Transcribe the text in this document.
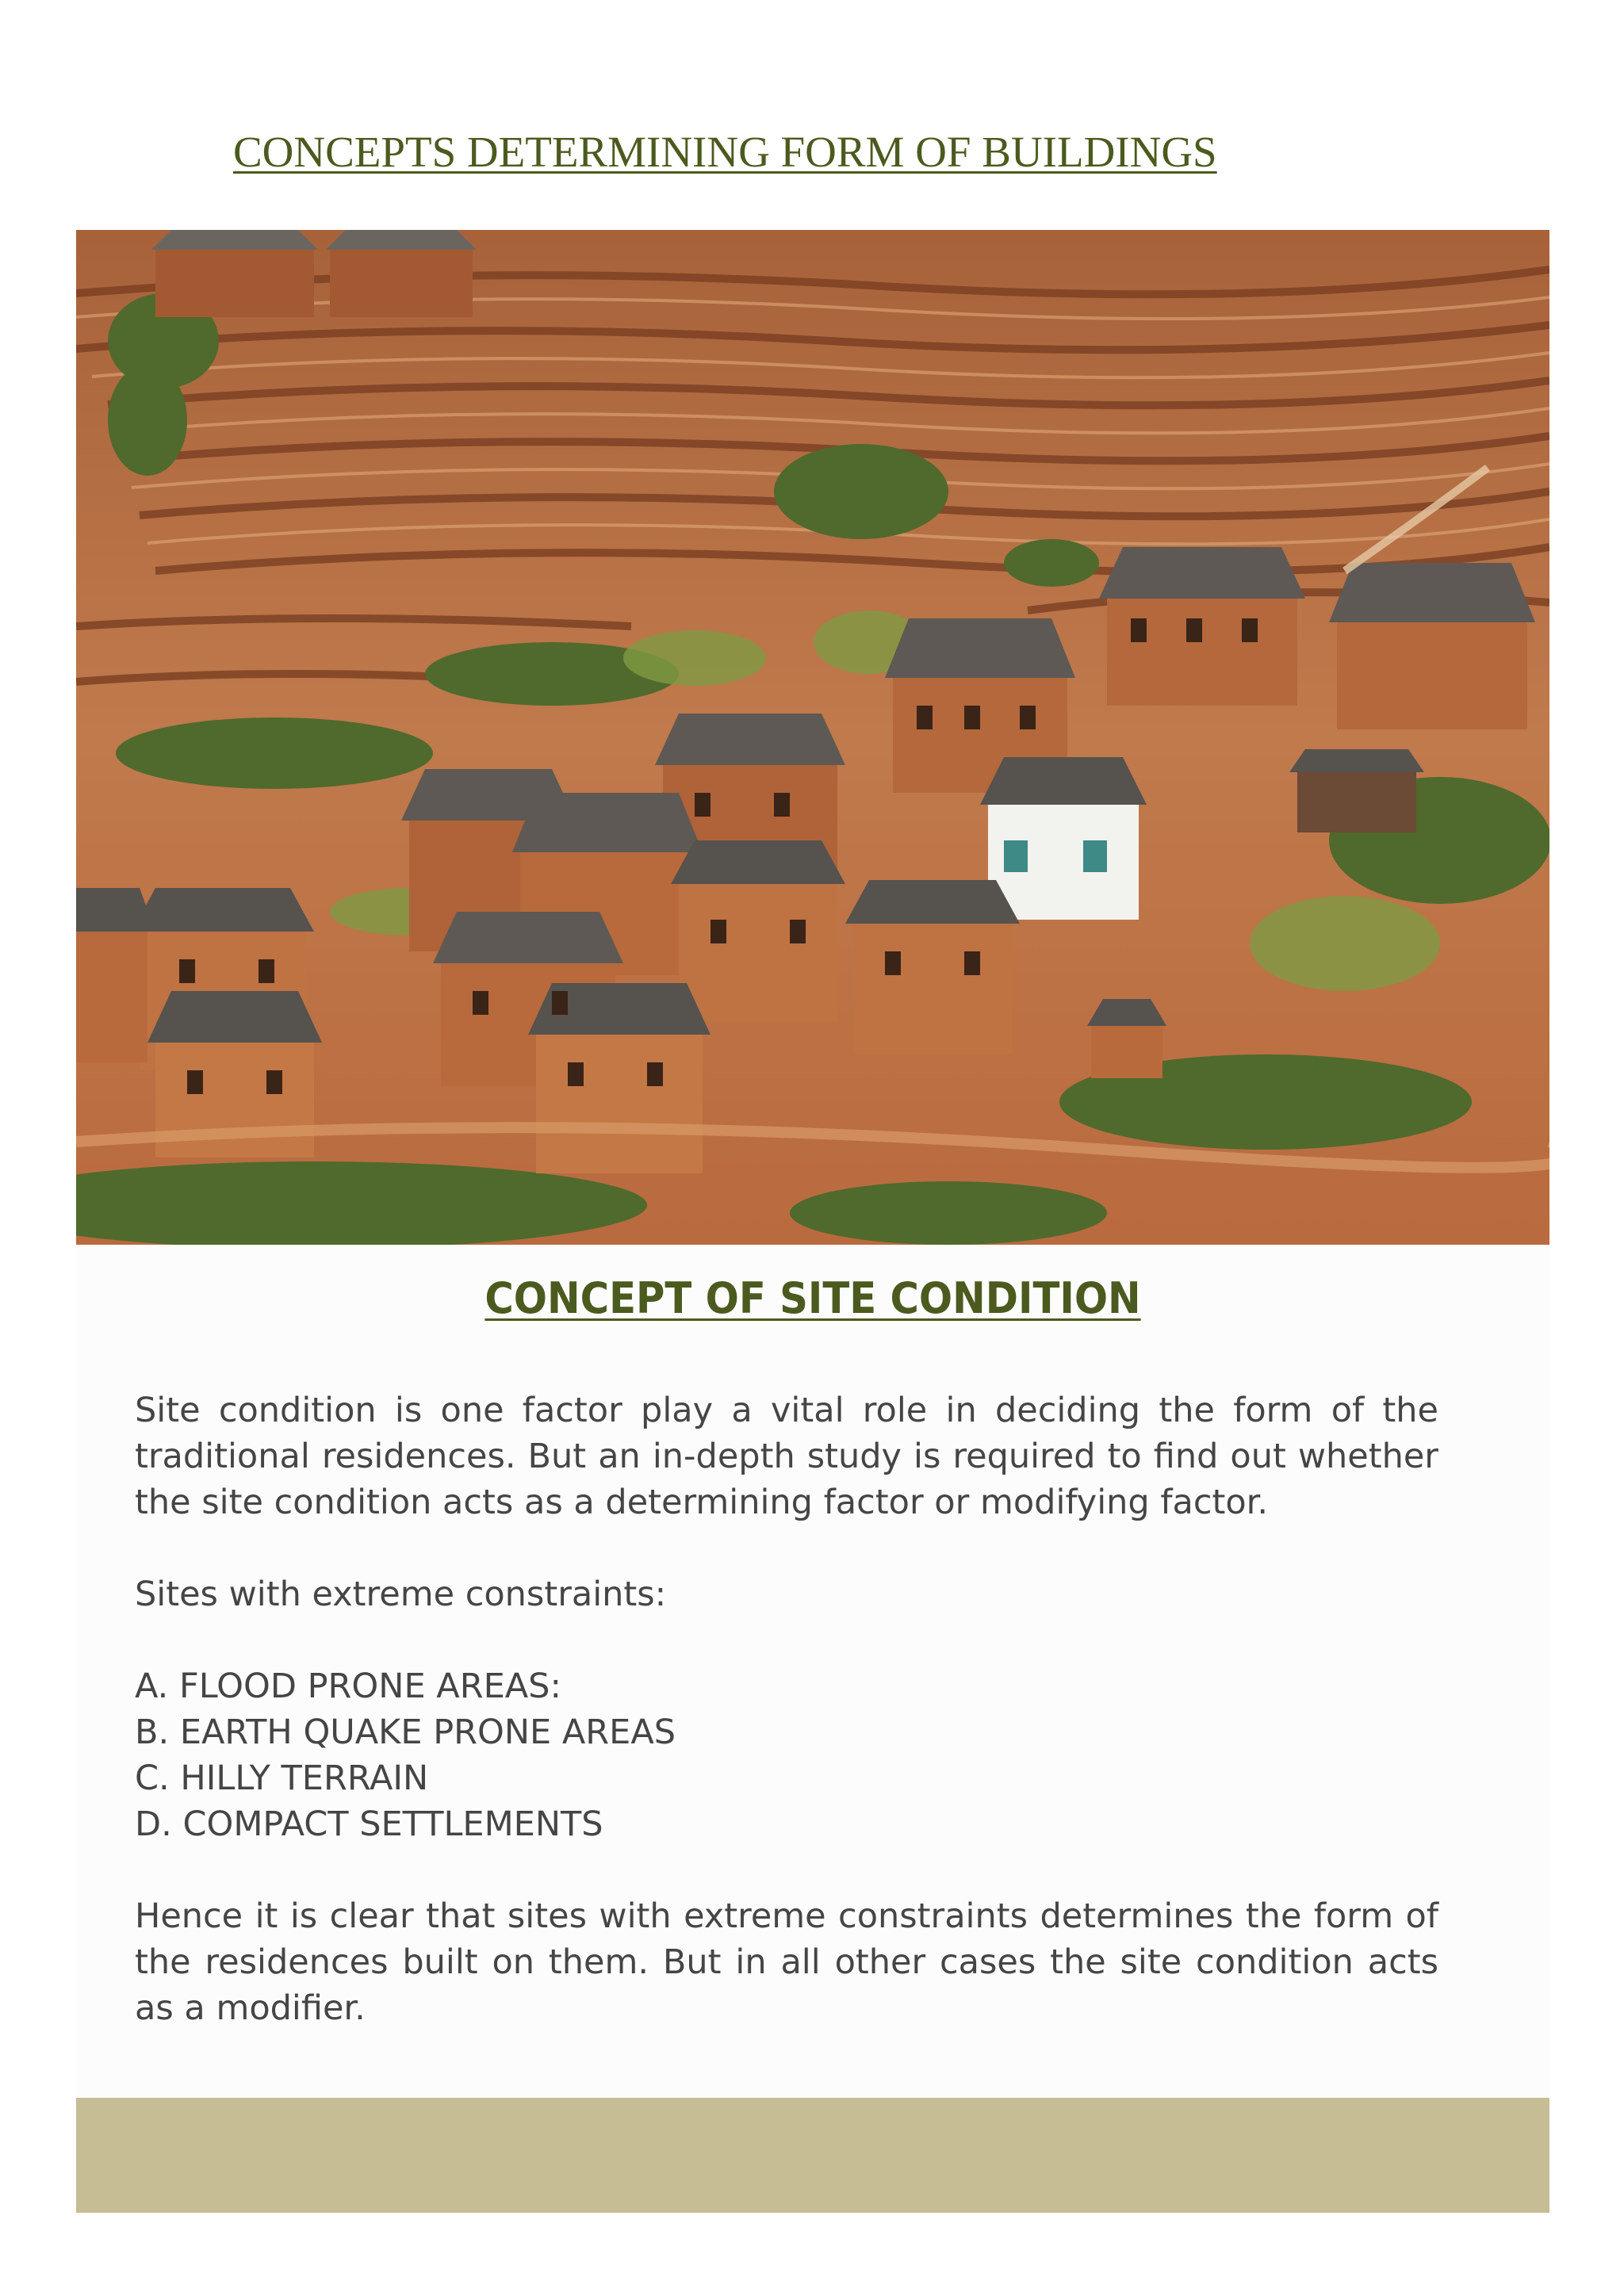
CONCEPTS DETERMINING FORM OF BUILDINGS
CONCEPT OF SITE CONDITION

Site condition is one factor play a vital role in deciding the form of the traditional residences. But an in-depth study is required to find out whether the site condition acts as a determining factor or modifying factor.

Sites with extreme constraints:

A. FLOOD PRONE AREAS:
B. EARTH QUAKE PRONE AREAS
C. HILLY TERRAIN
D. COMPACT SETTLEMENTS

Hence it is clear that sites with extreme constraints determines the form of the residences built on them. But in all other cases the site condition acts as a modifier.
